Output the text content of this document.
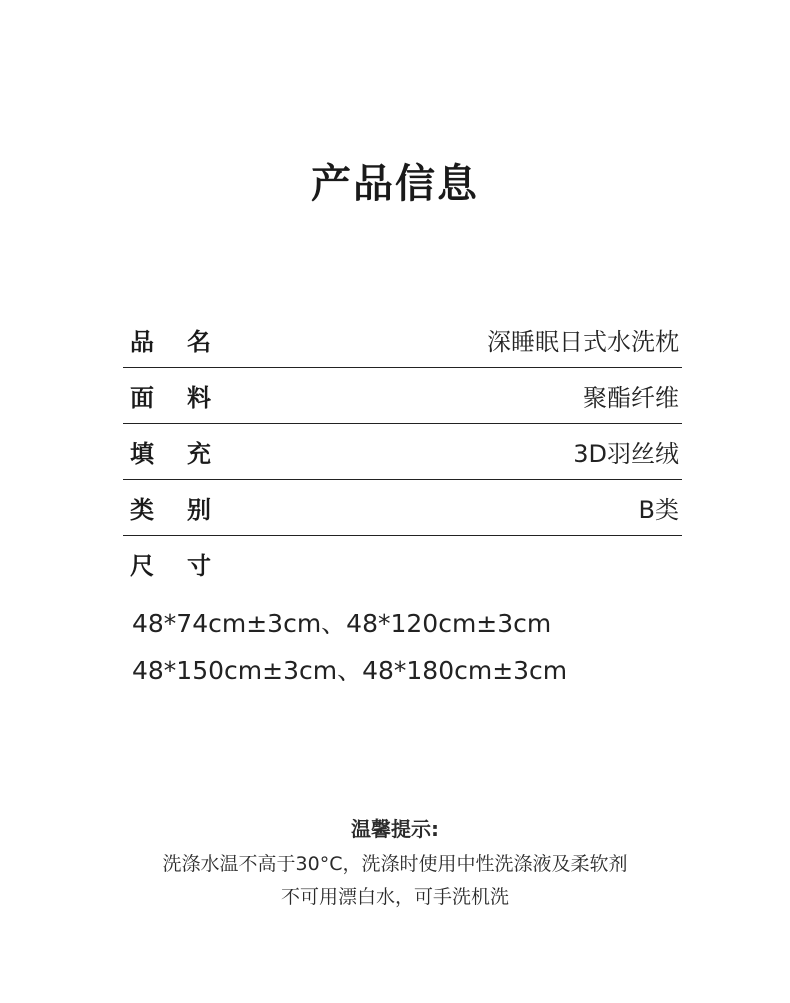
产品信息
品	名	深睡眠日式水洗枕
面	料	聚酯纤维
填	充	3D羽丝绒
类	别	B类
尺	寸
48*74cm±3cm、48*120cm±3cm
48*150cm±3cm、48*180cm±3cm
温馨提示:
洗涤水温不高于30°C，洗涤时使用中性洗涤液及柔软剂
不可用漂白水，可手洗机洗
